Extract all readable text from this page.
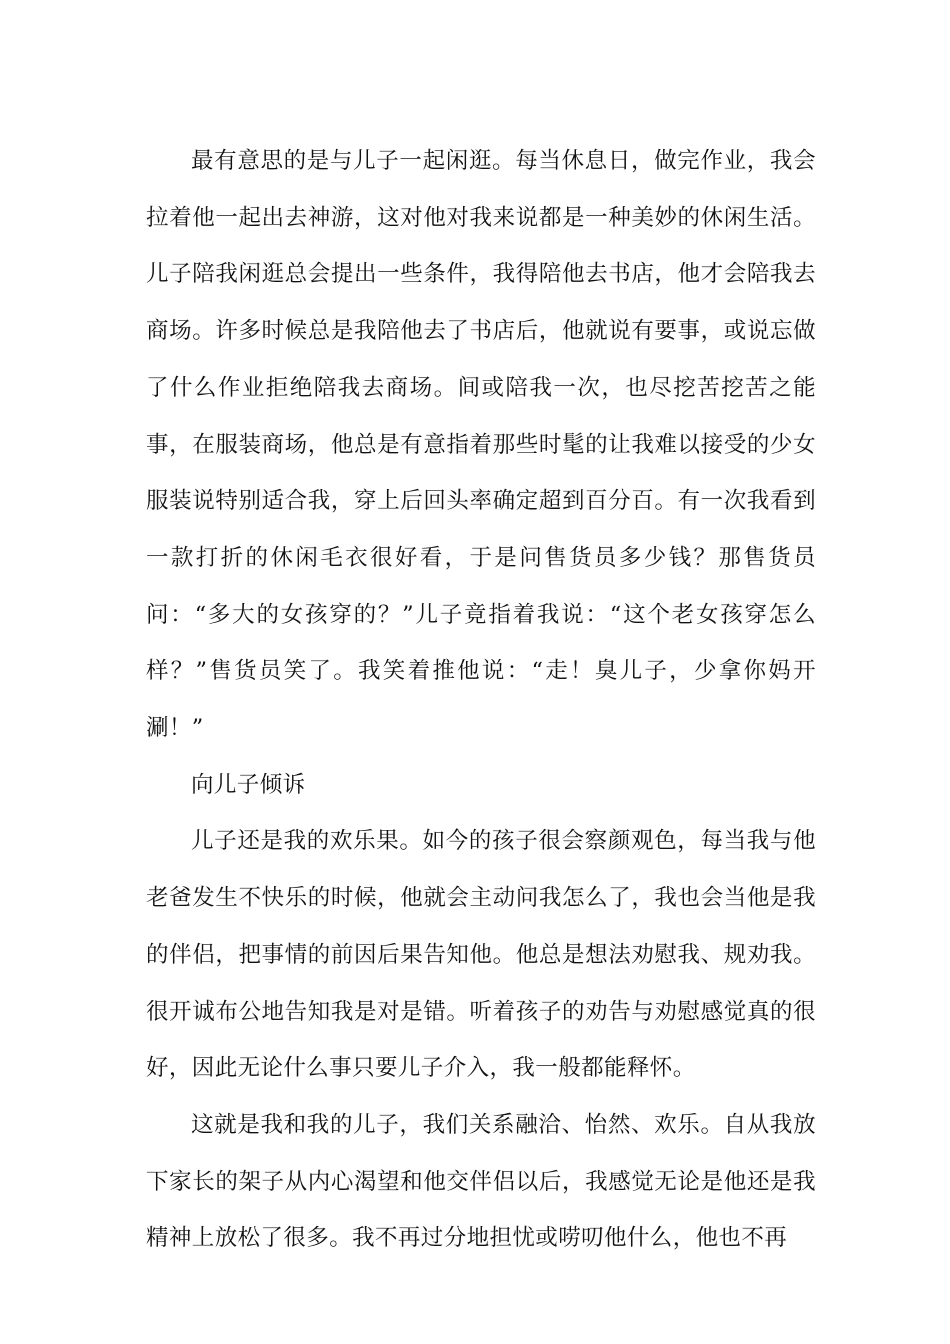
最有意思的是与儿子一起闲逛。每当休息日，做完作业，我会拉着他一起出去神游，这对他对我来说都是一种美妙的休闲生活。儿子陪我闲逛总会提出一些条件，我得陪他去书店，他才会陪我去商场。许多时候总是我陪他去了书店后，他就说有要事，或说忘做了什么作业拒绝陪我去商场。间或陪我一次，也尽挖苦挖苦之能事，在服装商场，他总是有意指着那些时髦的让我难以接受的少女服装说特别适合我，穿上后回头率确定超到百分百。有一次我看到一款打折的休闲毛衣很好看，于是问售货员多少钱？那售货员问：“多大的女孩穿的？”儿子竟指着我说：“这个老女孩穿怎么样？”售货员笑了。我笑着推他说：“走！臭儿子，少拿你妈开涮！”

向儿子倾诉

儿子还是我的欢乐果。如今的孩子很会察颜观色，每当我与他老爸发生不快乐的时候，他就会主动问我怎么了，我也会当他是我的伴侣，把事情的前因后果告知他。他总是想法劝慰我、规劝我。很开诚布公地告知我是对是错。听着孩子的劝告与劝慰感觉真的很好，因此无论什么事只要儿子介入，我一般都能释怀。

这就是我和我的儿子，我们关系融洽、怡然、欢乐。自从我放下家长的架子从内心渴望和他交伴侣以后，我感觉无论是他还是我精神上放松了很多。我不再过分地担忧或唠叨他什么，他也不再
